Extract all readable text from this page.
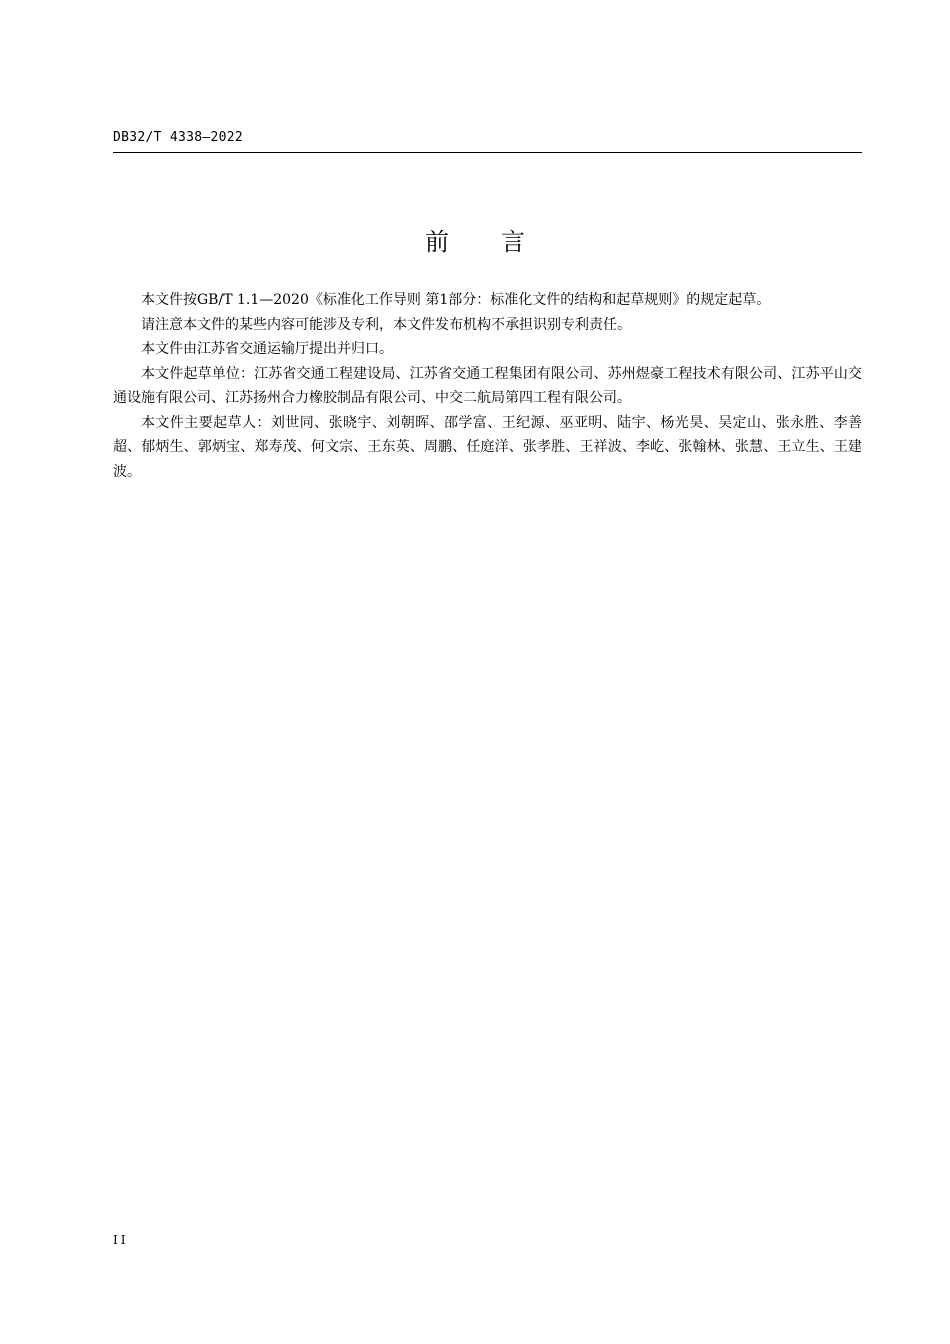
DB32/T 4338—2022
前　言

本文件按GB/T 1.1—2020《标准化工作导则 第1部分：标准化文件的结构和起草规则》的规定起草。

请注意本文件的某些内容可能涉及专利，本文件发布机构不承担识别专利责任。

本文件由江苏省交通运输厅提出并归口。

本文件起草单位：江苏省交通工程建设局、江苏省交通工程集团有限公司、苏州煜豪工程技术有限公司、江苏平山交通设施有限公司、江苏扬州合力橡胶制品有限公司、中交二航局第四工程有限公司。

本文件主要起草人：刘世同、张晓宇、刘朝晖、邵学富、王纪源、巫亚明、陆宇、杨光昊、吴定山、张永胜、李善超、郁炳生、郭炳宝、郑寿茂、何文宗、王东英、周鹏、任庭洋、张孝胜、王祥波、李屹、张翰林、张慧、王立生、王建波。

II
